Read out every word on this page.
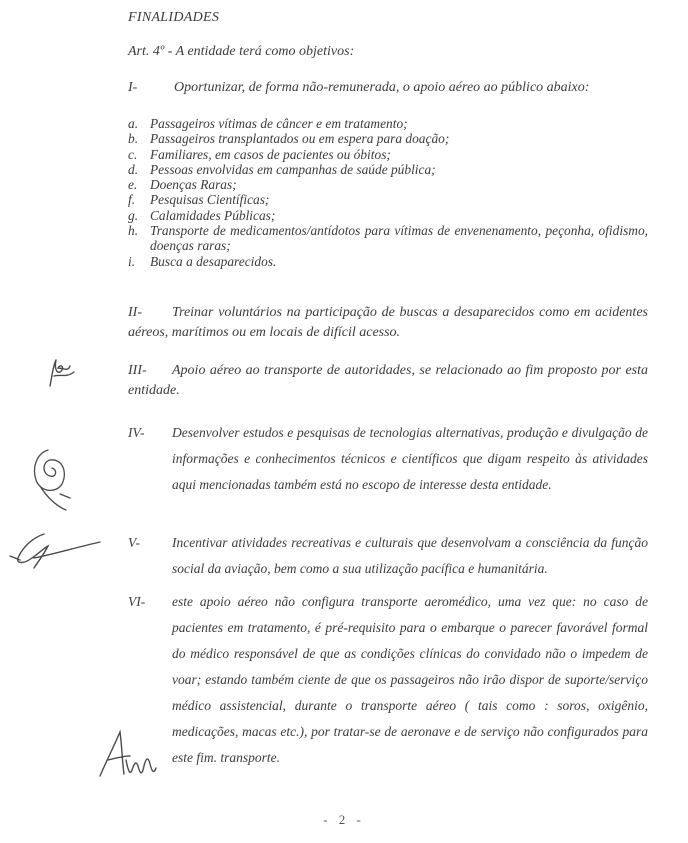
FINALIDADES
Art. 4º - A entidade terá como objetivos:
I-	Oportunizar, de forma não-remunerada, o apoio aéreo ao público abaixo:
a. Passageiros vítimas de câncer e em tratamento;
b. Passageiros transplantados ou em espera para doação;
c. Familiares, em casos de pacientes ou óbitos;
d. Pessoas envolvidas em campanhas de saúde pública;
e. Doenças Raras;
f.	Pesquisas Científicas;
g. Calamidades Públicas;
h. Transporte de medicamentos/antídotos para vítimas de envenenamento, peçonha, ofidismo, doenças raras;
i.	Busca a desaparecidos.
II- Treinar voluntários na participação de buscas a desaparecidos como em acidentes aéreos, marítimos ou em locais de difícil acesso.
III- Apoio aéreo ao transporte de autoridades, se relacionado ao fim proposto por esta entidade.
IV-	Desenvolver estudos e pesquisas de tecnologias alternativas, produção e divulgação de informações e conhecimentos técnicos e científicos que digam respeito às atividades aqui mencionadas também está no escopo de interesse desta entidade.
V-	Incentivar atividades recreativas e culturais que desenvolvam a consciência da função social da aviação, bem como a sua utilização pacífica e humanitária.
VI-	este apoio aéreo não configura transporte aeromédico, uma vez que: no caso de pacientes em tratamento, é pré-requisito para o embarque o parecer favorável formal do médico responsável de que as condições clínicas do convidado não o impedem de voar; estando também ciente de que os passageiros não irão dispor de suporte/serviço médico assistencial, durante o transporte aéreo ( tais como : soros, oxigênio, medicações, macas etc.), por tratar-se de aeronave e de serviço não configurados para este fim. transporte.
- 2 -
